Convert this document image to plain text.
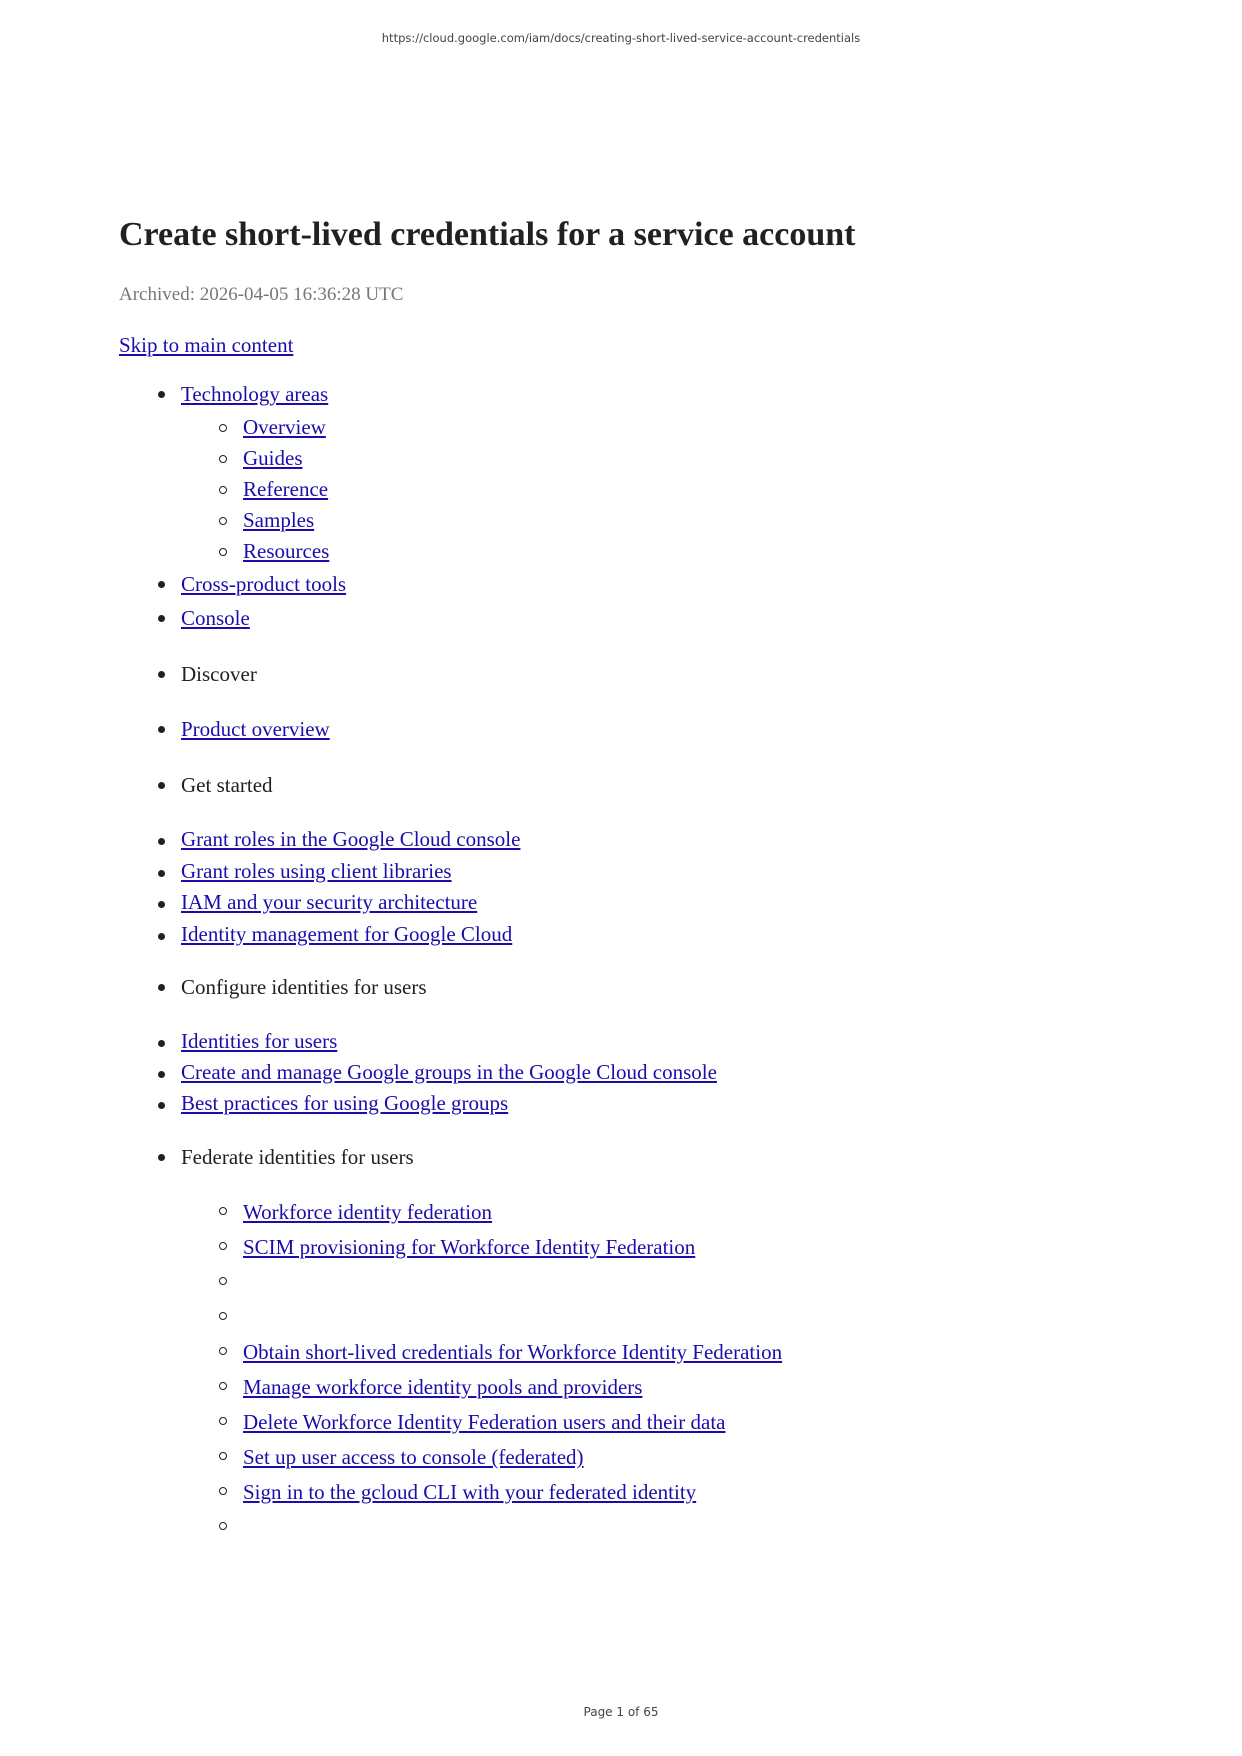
https://cloud.google.com/iam/docs/creating-short-lived-service-account-credentials
Create short-lived credentials for a service account
Archived: 2026-04-05 16:36:28 UTC
Skip to main content
Technology areas
Overview
Guides
Reference
Samples
Resources
Cross-product tools
Console
Discover
Product overview
Get started
Grant roles in the Google Cloud console
Grant roles using client libraries
IAM and your security architecture
Identity management for Google Cloud
Configure identities for users
Identities for users
Create and manage Google groups in the Google Cloud console
Best practices for using Google groups
Federate identities for users
Workforce identity federation
SCIM provisioning for Workforce Identity Federation

Obtain short-lived credentials for Workforce Identity Federation
Manage workforce identity pools and providers
Delete Workforce Identity Federation users and their data
Set up user access to console (federated)
Sign in to the gcloud CLI with your federated identity

Page 1 of 65
